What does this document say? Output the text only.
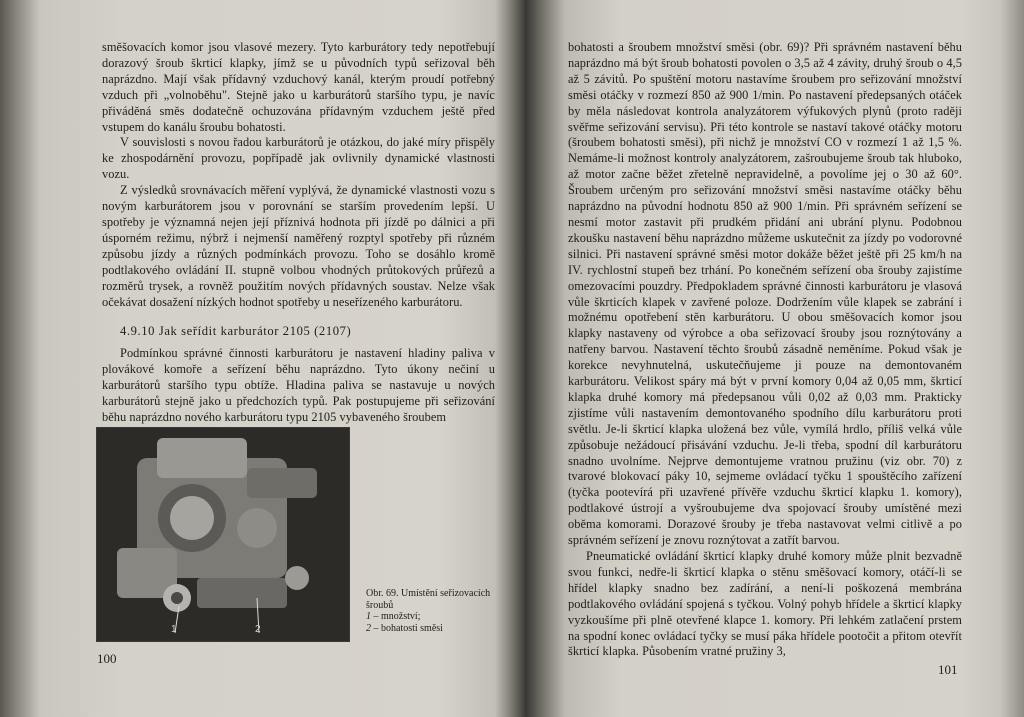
směšovacích komor jsou vlasové mezery. Tyto karburátory tedy nepotřebují dorazový šroub škrticí klapky, jímž se u původních typů seřizoval běh naprázdno. Mají však přídavný vzduchový kanál, kterým proudí potřebný vzduch při „volnoběhu". Stejně jako u karburátorů staršího typu, je navíc přiváděná směs dodatečně ochuzována přídavným vzduchem ještě před vstupem do kanálu šroubu bohatosti.

V souvislosti s novou řadou karburátorů je otázkou, do jaké míry přispěly ke zhospodárnění provozu, popřípadě jak ovlivnily dynamické vlastnosti vozu.

Z výsledků srovnávacích měření vyplývá, že dynamické vlastnosti vozu s novým karburátorem jsou v porovnání se starším provedením lepší. U spotřeby je významná nejen její příznivá hodnota při jízdě po dálnici a při úsporném režimu, nýbrž i nejmenší naměřený rozptyl spotřeby při různém způsobu jízdy a různých podmínkách provozu. Toho se dosáhlo kromě podtlakového ovládání II. stupně volbou vhodných průtokových průřezů a rozměrů trysek, a rovněž použitím nových přídavných soustav. Nelze však očekávat dosažení nízkých hodnot spotřeby u neseřízeného karburátoru.

4.9.10 Jak seřídit karburátor 2105 (2107)

Podmínkou správné činnosti karburátoru je nastavení hladiny paliva v plovákové komoře a seřízení běhu naprázdno. Tyto úkony nečiní u karburátorů staršího typu obtíže. Hladina paliva se nastavuje u nových karburátorů stejně jako u předchozích typů. Pak postupujeme při seřizování běhu naprázdno nového karburátoru typu 2105 vybaveného šroubem

1	2
Obr. 69. Umístění seřizovacích šroubů
1 – množství;
2 – bohatosti směsi
100

bohatosti a šroubem množství směsi (obr. 69)? Při správném nastavení běhu naprázdno má být šroub bohatosti povolen o 3,5 až 4 závity, druhý šroub o 4,5 až 5 závitů. Po spuštění motoru nastavíme šroubem pro seřizování množství směsi otáčky v rozmezí 850 až 900 1/min. Po nastavení předepsaných otáček by měla následovat kontrola analyzátorem výfukových plynů (proto raději svěřme seřizování servisu). Při této kontrole se nastaví takové otáčky motoru (šroubem bohatosti směsi), při nichž je množství CO v rozmezí 1 až 1,5 %. Nemáme-li možnost kontroly analyzátorem, zašroubujeme šroub tak hluboko, až motor začne běžet zřetelně nepravidelně, a povolíme jej o 30 až 60°. Šroubem určeným pro seřizování množství směsi nastavíme otáčky běhu naprázdno na původní hodnotu 850 až 900 1/min. Při správném seřízení se nesmí motor zastavit při prudkém přidání ani ubrání plynu. Podobnou zkoušku nastavení běhu naprázdno můžeme uskutečnit za jízdy po vodorovné silnici. Při nastavení správné směsi motor dokáže běžet ještě při 25 km/h na IV. rychlostní stupeň bez trhání. Po konečném seřízení oba šrouby zajistíme omezovacími pouzdry. Předpokladem správné činnosti karburátoru je vlasová vůle škrticích klapek v zavřené poloze. Dodržením vůle klapek se zabrání i možnému opotřebení stěn karburátoru. U obou směšovacích komor jsou klapky nastaveny od výrobce a oba seřizovací šrouby jsou roznýtovány a natřeny barvou. Nastavení těchto šroubů zásadně neměníme. Pokud však je korekce nevyhnutelná, uskutečňujeme ji pouze na demontovaném karburátoru. Velikost spáry má být v první komory 0,04 až 0,05 mm, škrticí klapka druhé komory má předepsanou vůli 0,02 až 0,03 mm. Prakticky zjistíme vůli nastavením demontovaného spodního dílu karburátoru proti světlu. Je-li škrticí klapka uložená bez vůle, vymílá hrdlo, příliš velká vůle způsobuje nežádoucí přisávání vzduchu. Je-li třeba, spodní díl karburátoru snadno uvolníme. Nejprve demontujeme vratnou pružinu (viz obr. 70) z tvarové blokovací páky 10, sejmeme ovládací tyčku 1 spouštěcího zařízení (tyčka pootevírá při uzavřené přívěře vzduchu škrticí klapku 1. komory), podtlakové ústrojí a vyšroubujeme dva spojovací šrouby umístěné mezi oběma komorami. Dorazové šrouby je třeba nastavovat velmi citlivě a po správném seřízení je znovu roznýtovat a zatřít barvou.

Pneumatické ovládání škrticí klapky druhé komory může plnit bezvadně svou funkci, nedře-li škrticí klapka o stěnu směšovací komory, otáčí-li se hřídel klapky snadno bez zadírání, a není-li poškozená membrána podtlakového ovládání spojená s tyčkou. Volný pohyb hřídele a škrticí klapky vyzkoušíme při plně otevřené klapce 1. komory. Při lehkém zatlačení prstem na spodní konec ovládací tyčky se musí páka hřídele pootočit a přitom otevřít škrticí klapka. Působením vratné pružiny 3,

101
